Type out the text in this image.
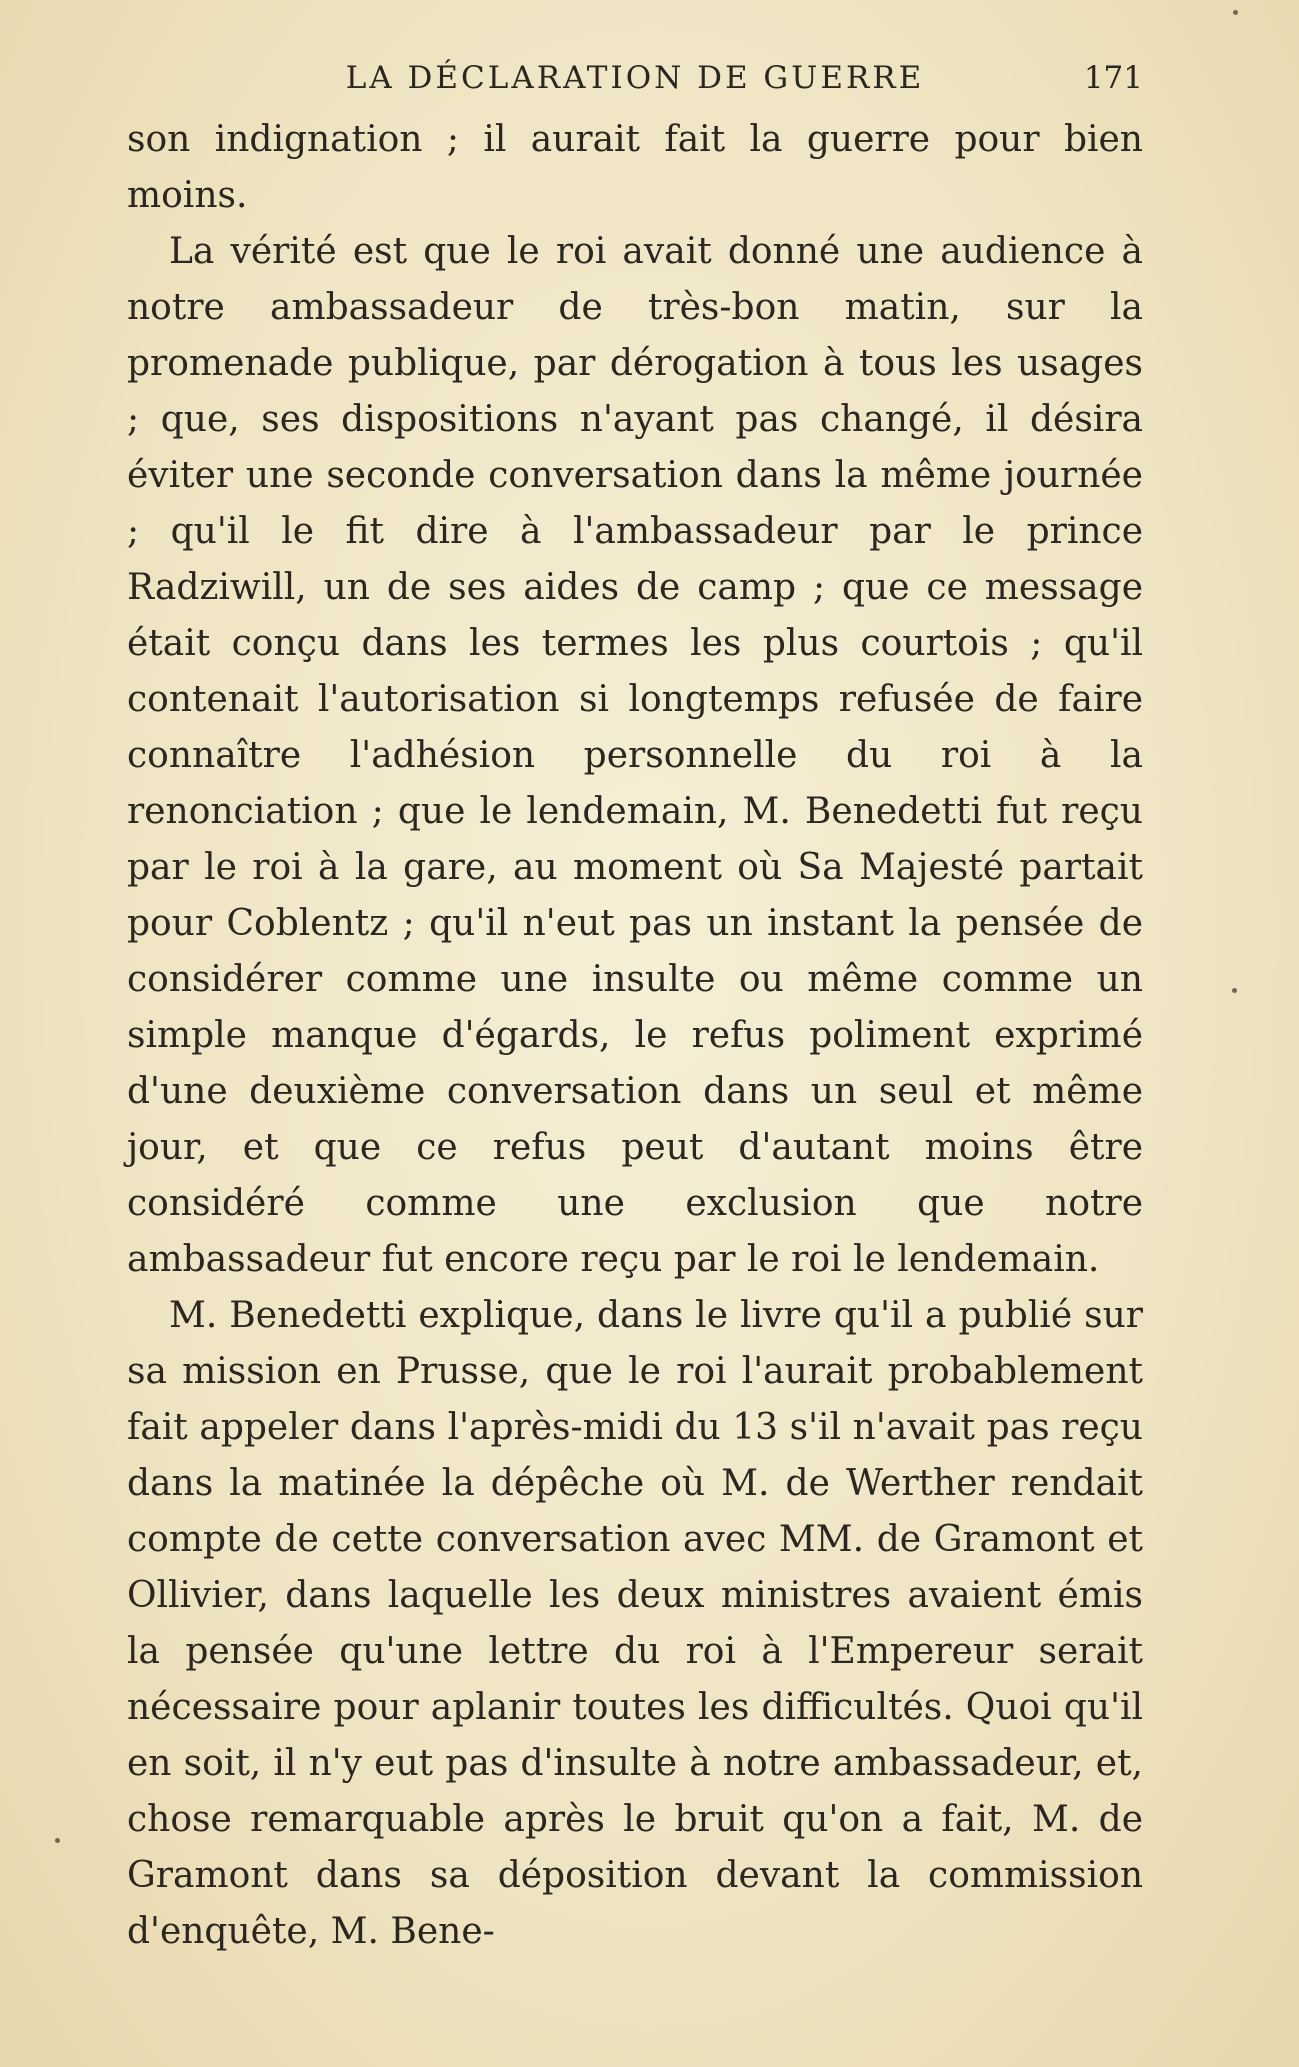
LA DÉCLARATION DE GUERRE	171

son indignation ; il aurait fait la guerre pour bien moins.

La vérité est que le roi avait donné une audience à notre ambassadeur de très-bon matin, sur la promenade publique, par dérogation à tous les usages ; que, ses dispositions n'ayant pas changé, il désira éviter une seconde conversation dans la même journée ; qu'il le fit dire à l'ambassadeur par le prince Radziwill, un de ses aides de camp ; que ce message était conçu dans les termes les plus courtois ; qu'il contenait l'autorisation si longtemps refusée de faire connaître l'adhésion personnelle du roi à la renonciation ; que le lendemain, M. Benedetti fut reçu par le roi à la gare, au moment où Sa Majesté partait pour Coblentz ; qu'il n'eut pas un instant la pensée de considérer comme une insulte ou même comme un simple manque d'égards, le refus poliment exprimé d'une deuxième conversation dans un seul et même jour, et que ce refus peut d'autant moins être considéré comme une exclusion que notre ambassadeur fut encore reçu par le roi le lendemain.

M. Benedetti explique, dans le livre qu'il a publié sur sa mission en Prusse, que le roi l'aurait probablement fait appeler dans l'après-midi du 13 s'il n'avait pas reçu dans la matinée la dépêche où M. de Werther rendait compte de cette conversation avec MM. de Gramont et Ollivier, dans laquelle les deux ministres avaient émis la pensée qu'une lettre du roi à l'Empereur serait nécessaire pour aplanir toutes les difficultés. Quoi qu'il en soit, il n'y eut pas d'insulte à notre ambassadeur, et, chose remarquable après le bruit qu'on a fait, M. de Gramont dans sa déposition devant la commission d'enquête, M. Bene-
